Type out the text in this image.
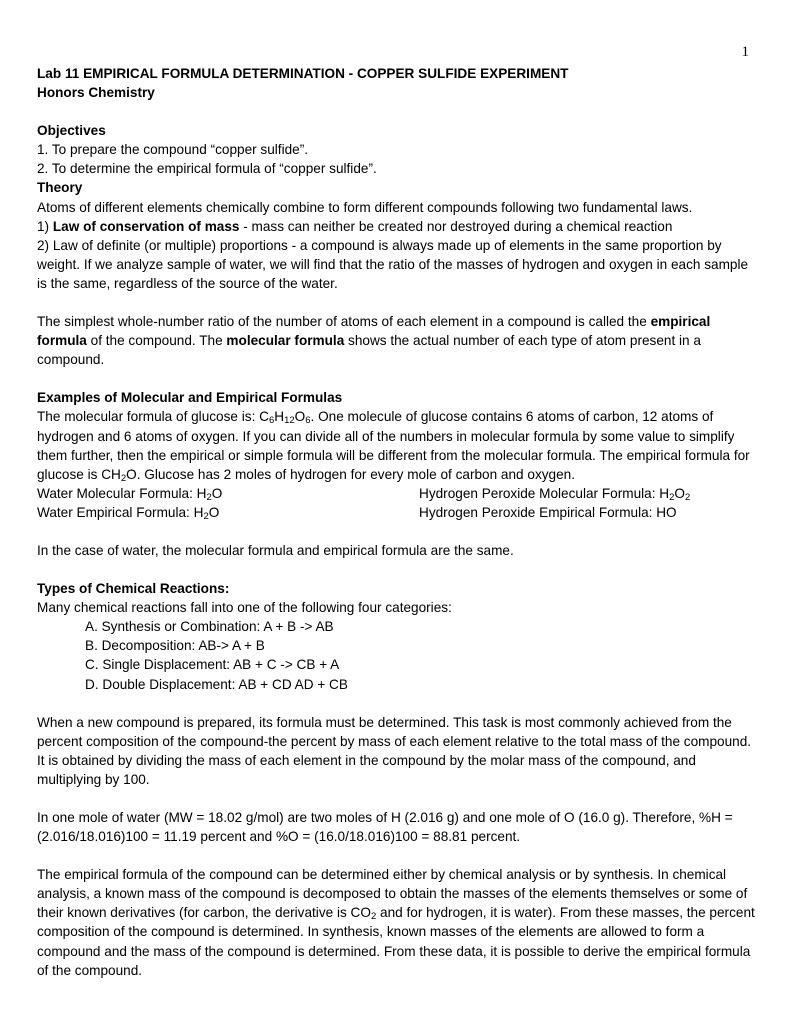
1

Lab 11 EMPIRICAL FORMULA DETERMINATION - COPPER SULFIDE EXPERIMENT

Honors Chemistry

Objectives

1. To prepare the compound “copper sulfide”.

2. To determine the empirical formula of “copper sulfide”.

Theory

Atoms of different elements chemically combine to form different compounds following two fundamental laws.

1) Law of conservation of mass - mass can neither be created nor destroyed during a chemical reaction

2) Law of definite (or multiple) proportions - a compound is always made up of elements in the same proportion by weight. If we analyze sample of water, we will find that the ratio of the masses of hydrogen and oxygen in each sample is the same, regardless of the source of the water.

The simplest whole-number ratio of the number of atoms of each element in a compound is called the empirical formula of the compound. The molecular formula shows the actual number of each type of atom present in a compound.

Examples of Molecular and Empirical Formulas

The molecular formula of glucose is: $C_6H_{12}O_6$. One molecule of glucose contains 6 atoms of carbon, 12 atoms of hydrogen and 6 atoms of oxygen. If you can divide all of the numbers in molecular formula by some value to simplify them further, then the empirical or simple formula will be different from the molecular formula. The empirical formula for glucose is $CH_2O$. Glucose has 2 moles of hydrogen for every mole of carbon and oxygen.

Water Molecular Formula: $H_2O$	Hydrogen Peroxide Molecular Formula: $H_2O_2$
Water Empirical Formula: $H_2O$	Hydrogen Peroxide Empirical Formula: HO

In the case of water, the molecular formula and empirical formula are the same.

Types of Chemical Reactions:

Many chemical reactions fall into one of the following four categories:

A. Synthesis or Combination: A + B -> AB

B. Decomposition: AB-> A + B

C. Single Displacement: AB + C -> CB + A

D. Double Displacement: AB + CD AD + CB

When a new compound is prepared, its formula must be determined. This task is most commonly achieved from the percent composition of the compound-the percent by mass of each element relative to the total mass of the compound. It is obtained by dividing the mass of each element in the compound by the molar mass of the compound, and multiplying by 100.

In one mole of water (MW = 18.02 g/mol) are two moles of H (2.016 g) and one mole of O (16.0 g). Therefore, %H = (2.016/18.016)100 = 11.19 percent and %O = (16.0/18.016)100 = 88.81 percent.

The empirical formula of the compound can be determined either by chemical analysis or by synthesis. In chemical analysis, a known mass of the compound is decomposed to obtain the masses of the elements themselves or some of their known derivatives (for carbon, the derivative is $CO_2$ and for hydrogen, it is water). From these masses, the percent composition of the compound is determined. In synthesis, known masses of the elements are allowed to form a compound and the mass of the compound is determined. From these data, it is possible to derive the empirical formula of the compound.
